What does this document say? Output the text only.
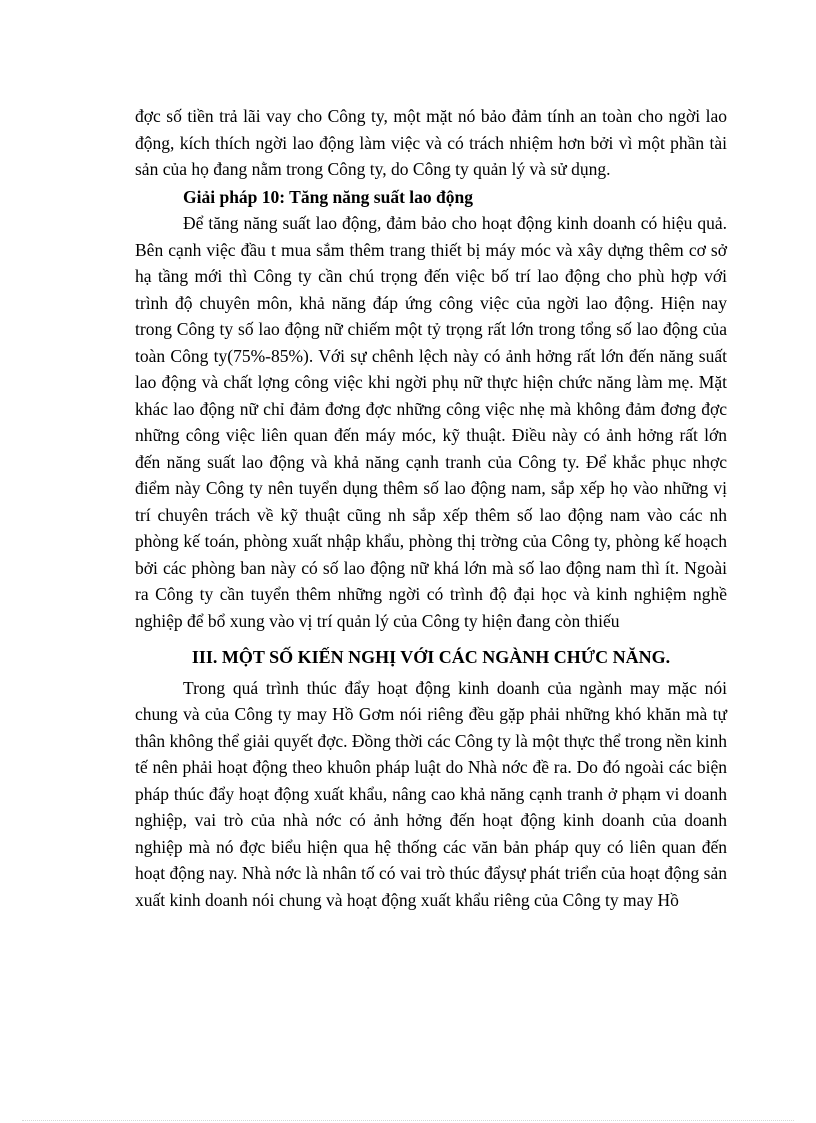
đợc số tiền trả lãi vay cho Công ty, một mặt nó bảo đảm tính an toàn cho ngời lao động, kích thích ngời lao động làm việc và có trách nhiệm hơn bởi vì một phần tài sản của họ đang nằm trong Công ty, do Công ty quản lý và sử dụng.

Giải pháp 10: Tăng năng suất lao động

Để tăng năng suất lao động, đảm bảo cho hoạt động kinh doanh có hiệu quả. Bên cạnh việc đầu t mua sắm thêm trang thiết bị máy móc và xây dựng thêm cơ sở hạ tầng mới thì Công ty cần chú trọng đến việc bố trí lao động cho phù hợp với trình độ chuyên môn, khả năng đáp ứng công việc của ngời lao động. Hiện nay trong Công ty số lao động nữ chiếm một tỷ trọng rất lớn trong tổng số lao động của toàn Công ty(75%-85%). Với sự chênh lệch này có ảnh hởng rất lớn đến năng suất lao động và chất lợng công việc khi ngời phụ nữ thực hiện chức năng làm mẹ. Mặt khác lao động nữ chỉ đảm đơng đợc những công việc nhẹ mà không đảm đơng đợc những công việc liên quan đến máy móc, kỹ thuật. Điều này có ảnh hởng rất lớn đến năng suất lao động và khả năng cạnh tranh của Công ty. Để khắc phục nhợc điểm này Công ty nên tuyển dụng thêm số lao động nam, sắp xếp họ vào những vị trí chuyên trách về kỹ thuật cũng nh sắp xếp thêm số lao động nam vào các nh phòng kế toán, phòng xuất nhập khẩu, phòng thị trờng của Công ty, phòng kế hoạch bởi các phòng ban này có số lao động nữ khá lớn mà số lao động nam thì ít. Ngoài ra Công ty cần tuyển thêm những ngời có trình độ đại học và kinh nghiệm nghề nghiệp để bổ xung vào vị trí quản lý của Công ty hiện đang còn thiếu

III. MỘT SỐ KIẾN NGHỊ VỚI CÁC NGÀNH CHỨC NĂNG.

Trong quá trình thúc đẩy hoạt động kinh doanh của ngành may mặc nói chung và của Công ty may Hồ Gơm nói riêng đều gặp phải những khó khăn mà tự thân không thể giải quyết đợc. Đồng thời các Công ty là một thực thể trong nền kinh tế nên phải hoạt động theo khuôn pháp luật do Nhà nớc đề ra. Do đó ngoài các biện pháp thúc đẩy hoạt động xuất khẩu, nâng cao khả năng cạnh tranh ở phạm vi doanh nghiệp, vai trò của nhà nớc có ảnh hởng đến hoạt động kinh doanh của doanh nghiệp mà nó đợc biểu hiện qua hệ thống các văn bản pháp quy có liên quan đến hoạt động nay. Nhà nớc là nhân tố có vai trò thúc đẩysự phát triển của hoạt động sản xuất kinh doanh nói chung và hoạt động xuất khẩu riêng của Công ty may Hồ
